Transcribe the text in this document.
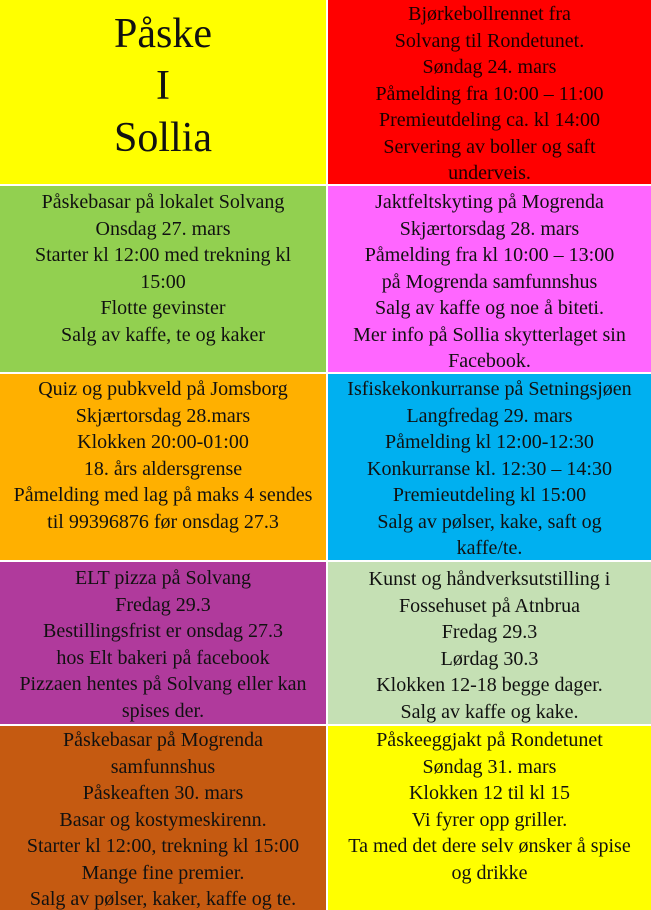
Påske
I
Sollia
Bjørkebollrennet fra
Solvang til Rondetunet.
Søndag 24. mars
Påmelding fra 10:00 – 11:00
Premieutdeling ca. kl 14:00
Servering av boller og saft
underveis.
Påskebasar på lokalet Solvang
Onsdag 27. mars
Starter kl 12:00 med trekning kl
15:00
Flotte gevinster
Salg av kaffe, te og kaker
Jaktfeltskyting på Mogrenda
Skjærtorsdag 28. mars
Påmelding fra kl 10:00 – 13:00
på Mogrenda samfunnshus
Salg av kaffe og noe å biteti.
Mer info på Sollia skytterlaget sin
Facebook.
Quiz og pubkveld på Jomsborg
Skjærtorsdag 28.mars
Klokken 20:00-01:00
18. års aldersgrense
Påmelding med lag på maks 4 sendes
til 99396876 før onsdag 27.3
Isfiskekonkurranse på Setningsjøen
Langfredag 29. mars
Påmelding kl 12:00-12:30
Konkurranse kl. 12:30 – 14:30
Premieutdeling kl 15:00
Salg av pølser, kake, saft og
kaffe/te.
ELT pizza på Solvang
Fredag 29.3
Bestillingsfrist er onsdag 27.3
hos Elt bakeri på facebook
Pizzaen hentes på Solvang eller kan
spises der.
Kunst og håndverksutstilling i
Fossehuset på Atnbrua
Fredag 29.3
Lørdag 30.3
Klokken 12-18 begge dager.
Salg av kaffe og kake.
Påskebasar på Mogrenda
samfunnshus
Påskeaften 30. mars
Basar og kostymeskirenn.
Starter kl 12:00, trekning kl 15:00
Mange fine premier.
Salg av pølser, kaker, kaffe og te.
Påskeeggjakt på Rondetunet
Søndag 31. mars
Klokken 12 til kl 15
Vi fyrer opp griller.
Ta med det dere selv ønsker å spise
og drikke
